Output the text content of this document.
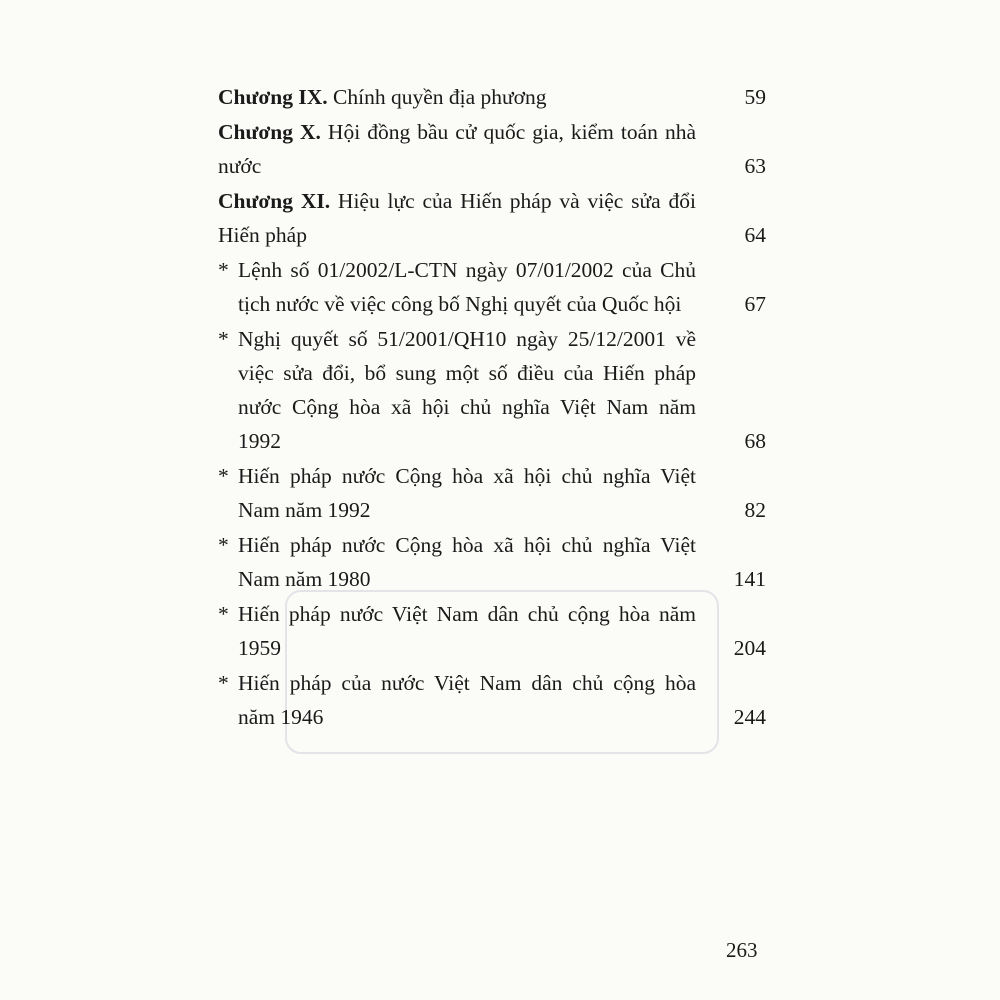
Chương IX. Chính quyền địa phương	59
Chương X. Hội đồng bầu cử quốc gia, kiểm toán nhà nước	63
Chương XI. Hiệu lực của Hiến pháp và việc sửa đổi Hiến pháp	64
* Lệnh số 01/2002/L-CTN ngày 07/01/2002 của Chủ tịch nước về việc công bố Nghị quyết của Quốc hội	67
* Nghị quyết số 51/2001/QH10 ngày 25/12/2001 về việc sửa đổi, bổ sung một số điều của Hiến pháp nước Cộng hòa xã hội chủ nghĩa Việt Nam năm 1992	68
* Hiến pháp nước Cộng hòa xã hội chủ nghĩa Việt Nam năm 1992	82
* Hiến pháp nước Cộng hòa xã hội chủ nghĩa Việt Nam năm 1980	141
* Hiến pháp nước Việt Nam dân chủ cộng hòa năm 1959	204
* Hiến pháp của nước Việt Nam dân chủ cộng hòa năm 1946	244
263
